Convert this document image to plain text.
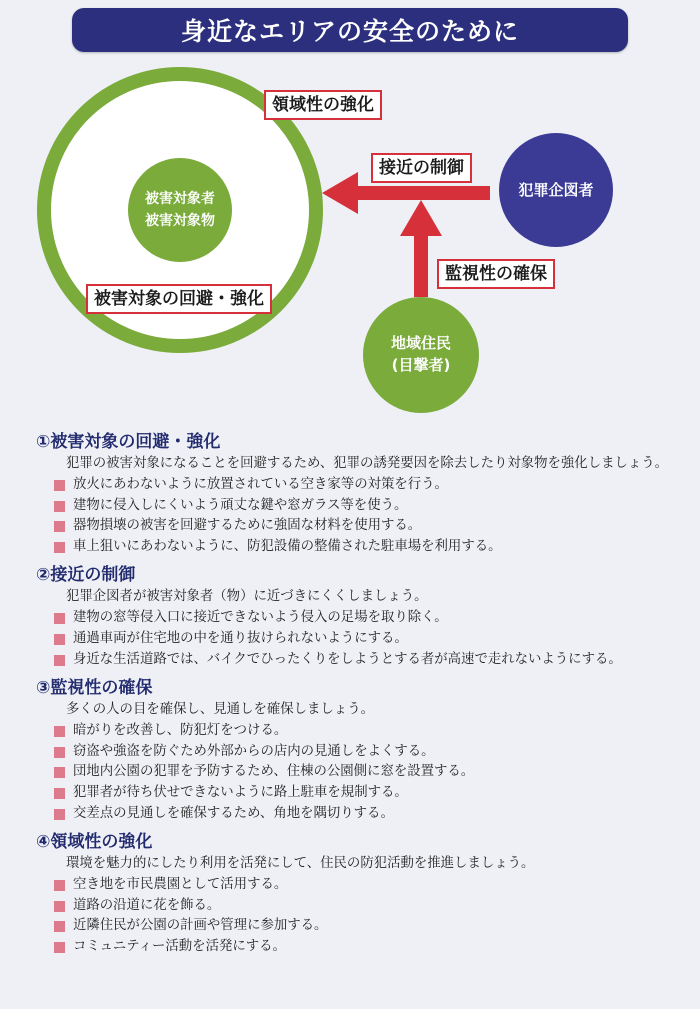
身近なエリアの安全のために
被害対象者
被害対象物
犯罪企図者
地域住民
(目撃者)
領域性の強化
接近の制御
監視性の確保
被害対象の回避・強化

①被害対象の回避・強化

犯罪の被害対象になることを回避するため、犯罪の誘発要因を除去したり対象物を強化しましょう。

放火にあわないように放置されている空き家等の対策を行う。
建物に侵入しにくいよう頑丈な鍵や窓ガラス等を使う。
器物損壊の被害を回避するために強固な材料を使用する。
車上狙いにあわないように、防犯設備の整備された駐車場を利用する。

②接近の制御

犯罪企図者が被害対象者（物）に近づきにくくしましょう。

建物の窓等侵入口に接近できないよう侵入の足場を取り除く。
通過車両が住宅地の中を通り抜けられないようにする。
身近な生活道路では、バイクでひったくりをしようとする者が高速で走れないようにする。

③監視性の確保

多くの人の目を確保し、見通しを確保しましょう。

暗がりを改善し、防犯灯をつける。
窃盗や強盗を防ぐため外部からの店内の見通しをよくする。
団地内公園の犯罪を予防するため、住棟の公園側に窓を設置する。
犯罪者が待ち伏せできないように路上駐車を規制する。
交差点の見通しを確保するため、角地を隅切りする。

④領域性の強化

環境を魅力的にしたり利用を活発にして、住民の防犯活動を推進しましょう。

空き地を市民農園として活用する。
道路の沿道に花を飾る。
近隣住民が公園の計画や管理に参加する。
コミュニティー活動を活発にする。
